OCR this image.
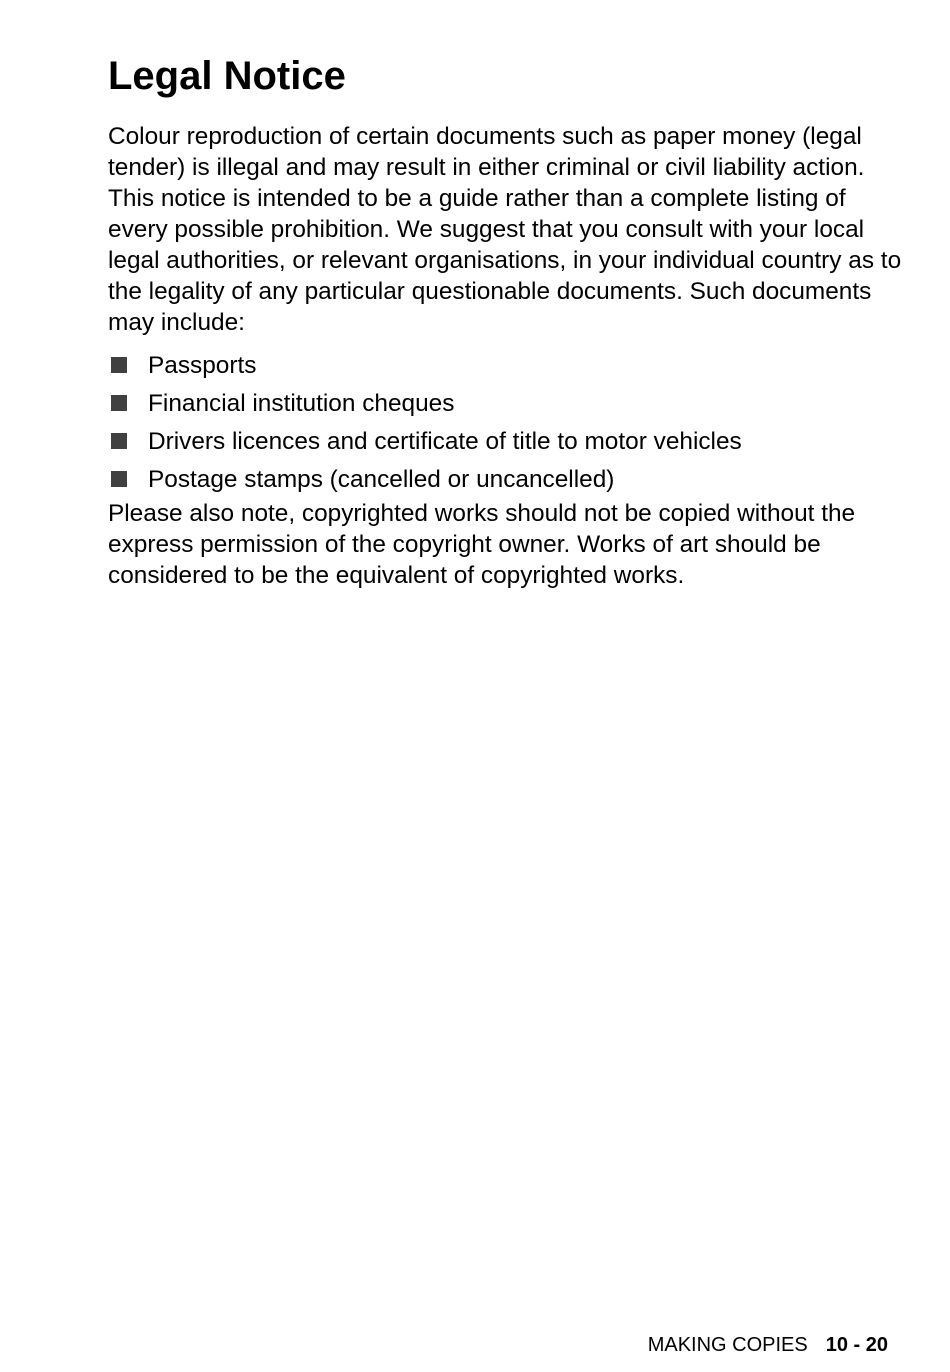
Legal Notice

Colour reproduction of certain documents such as paper money (legal tender) is illegal and may result in either criminal or civil liability action. This notice is intended to be a guide rather than a complete listing of every possible prohibition. We suggest that you consult with your local legal authorities, or relevant organisations, in your individual country as to the legality of any particular questionable documents. Such documents may include:

Passports
Financial institution cheques
Drivers licences and certificate of title to motor vehicles
Postage stamps (cancelled or uncancelled)

Please also note, copyrighted works should not be copied without the express permission of the copyright owner. Works of art should be considered to be the equivalent of copyrighted works.

MAKING COPIES 10 - 20
